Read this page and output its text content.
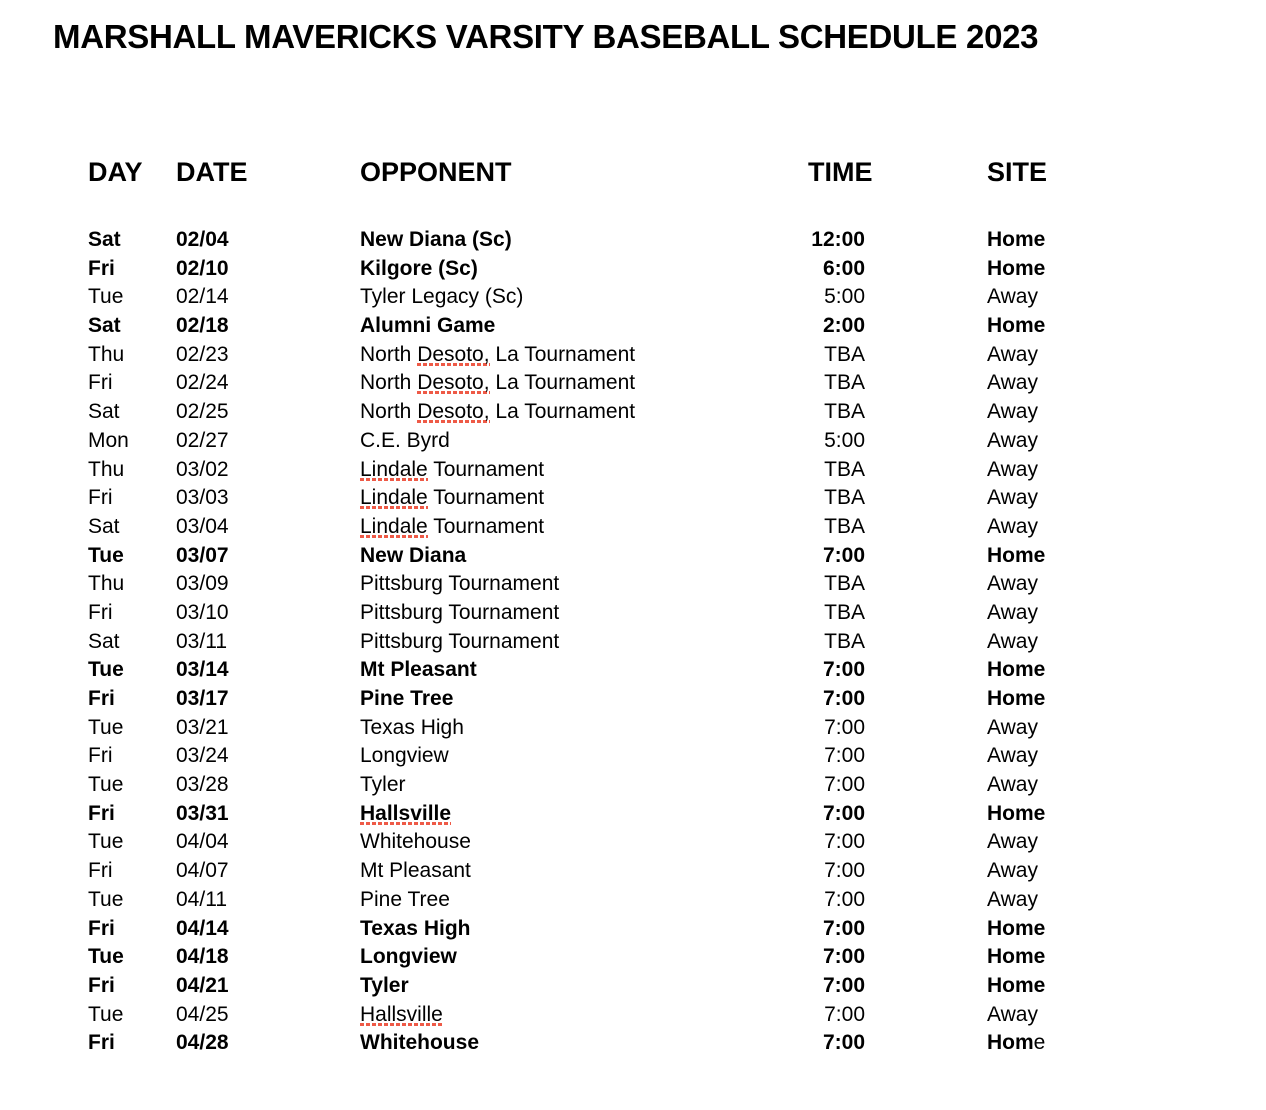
MARSHALL MAVERICKS VARSITY BASEBALL SCHEDULE 2023
DAY DATE	OPPONENT	TIME	SITE
Sat	02/04	New Diana (Sc)	12:00	Home
Fri	02/10	Kilgore (Sc)	6:00	Home
Tue	02/14	Tyler Legacy (Sc)	5:00	Away
Sat	02/18	Alumni Game	2:00	Home
Thu 02/23	North Desoto, La Tournament	TBA	Away
Fri	02/24	North Desoto, La Tournament	TBA	Away
Sat	02/25	North Desoto, La Tournament	TBA	Away
Mon 02/27	C.E. Byrd	5:00	Away
Thu 03/02	Lindale Tournament	TBA	Away
Fri	03/03	Lindale Tournament	TBA	Away
Sat	03/04	Lindale Tournament	TBA	Away
Tue 03/07	New Diana	7:00	Home
Thu 03/09	Pittsburg Tournament	TBA	Away
Fri	03/10	Pittsburg Tournament	TBA	Away
Sat	03/11	Pittsburg Tournament	TBA	Away
Tue 03/14	Mt Pleasant	7:00	Home
Fri	03/17	Pine Tree	7:00	Home
Tue	03/21	Texas High	7:00	Away
Fri	03/24	Longview	7:00	Away
Tue	03/28	Tyler	7:00	Away
Fri	03/31	Hallsville	7:00	Home
Tue	04/04	Whitehouse	7:00	Away
Fri	04/07	Mt Pleasant	7:00	Away
Tue	04/11	Pine Tree	7:00	Away
Fri	04/14	Texas High	7:00	Home
Tue 04/18	Longview	7:00	Home
Fri	04/21	Tyler	7:00	Home
Tue	04/25	Hallsville	7:00	Away
Fri	04/28	Whitehouse	7:00	Home
